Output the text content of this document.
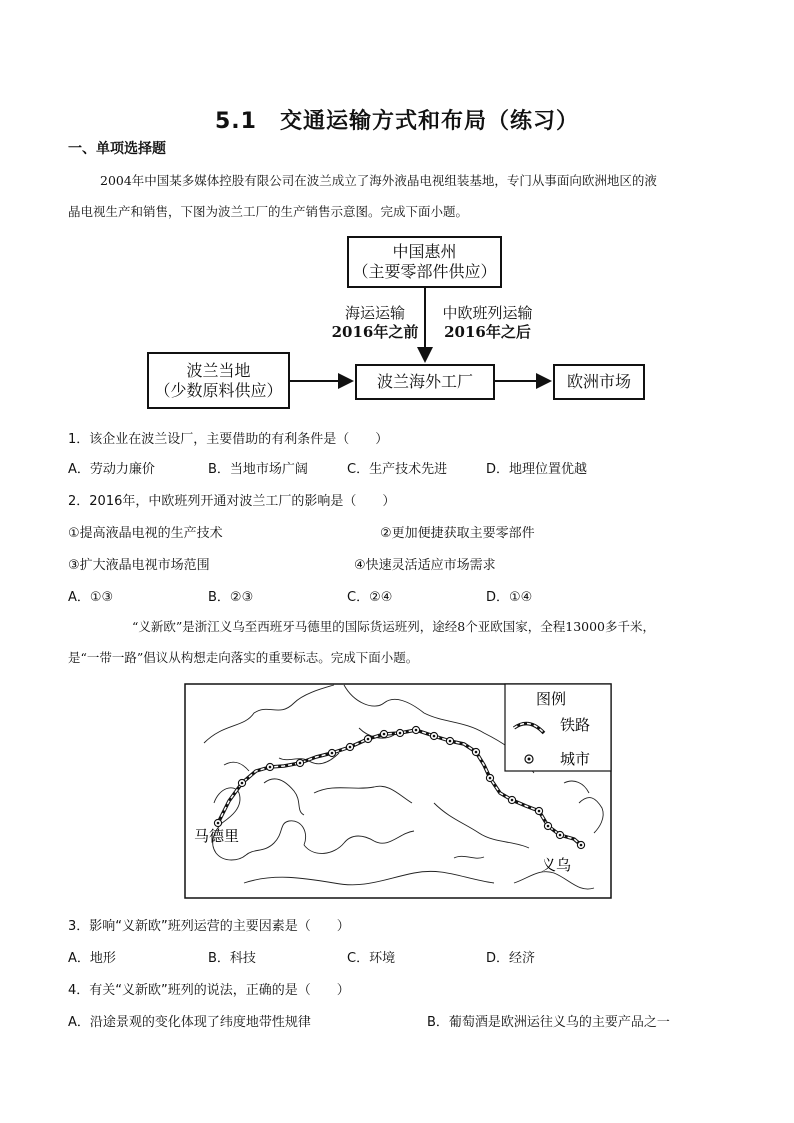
5.1　交通运输方式和布局（练习）
一、单项选择题
2004年中国某多媒体控股有限公司在波兰成立了海外液晶电视组装基地，专门从事面向欧洲地区的液
晶电视生产和销售，下图为波兰工厂的生产销售示意图。完成下面小题。
中国惠州
（主要零部件供应）
波兰当地
（少数原料供应）	波兰海外工厂	欧洲市场
海运运输
2016年之前
中欧班列运输
2016年之后
1．该企业在波兰设厂，主要借助的有利条件是（　　）
A．劳动力廉价	B．当地市场广阔	C．生产技术先进	D．地理位置优越
2．2016年，中欧班列开通对波兰工厂的影响是（　　）
①提高液晶电视的生产技术	②更加便捷获取主要零部件
③扩大液晶电视市场范围	④快速灵活适应市场需求
A．①③	B．②③	C．②④	D．①④
“义新欧”是浙江义乌至西班牙马德里的国际货运班列，途经8个亚欧国家，全程13000多千米，
是“一带一路”倡议从构想走向落实的重要标志。完成下面小题。
图例
铁路
城市
马德里
义乌
3．影响“义新欧”班列运营的主要因素是（　　）
A．地形	B．科技	C．环境	D．经济
4．有关“义新欧”班列的说法，正确的是（　　）
A．沿途景观的变化体现了纬度地带性规律	B．葡萄酒是欧洲运往义乌的主要产品之一
